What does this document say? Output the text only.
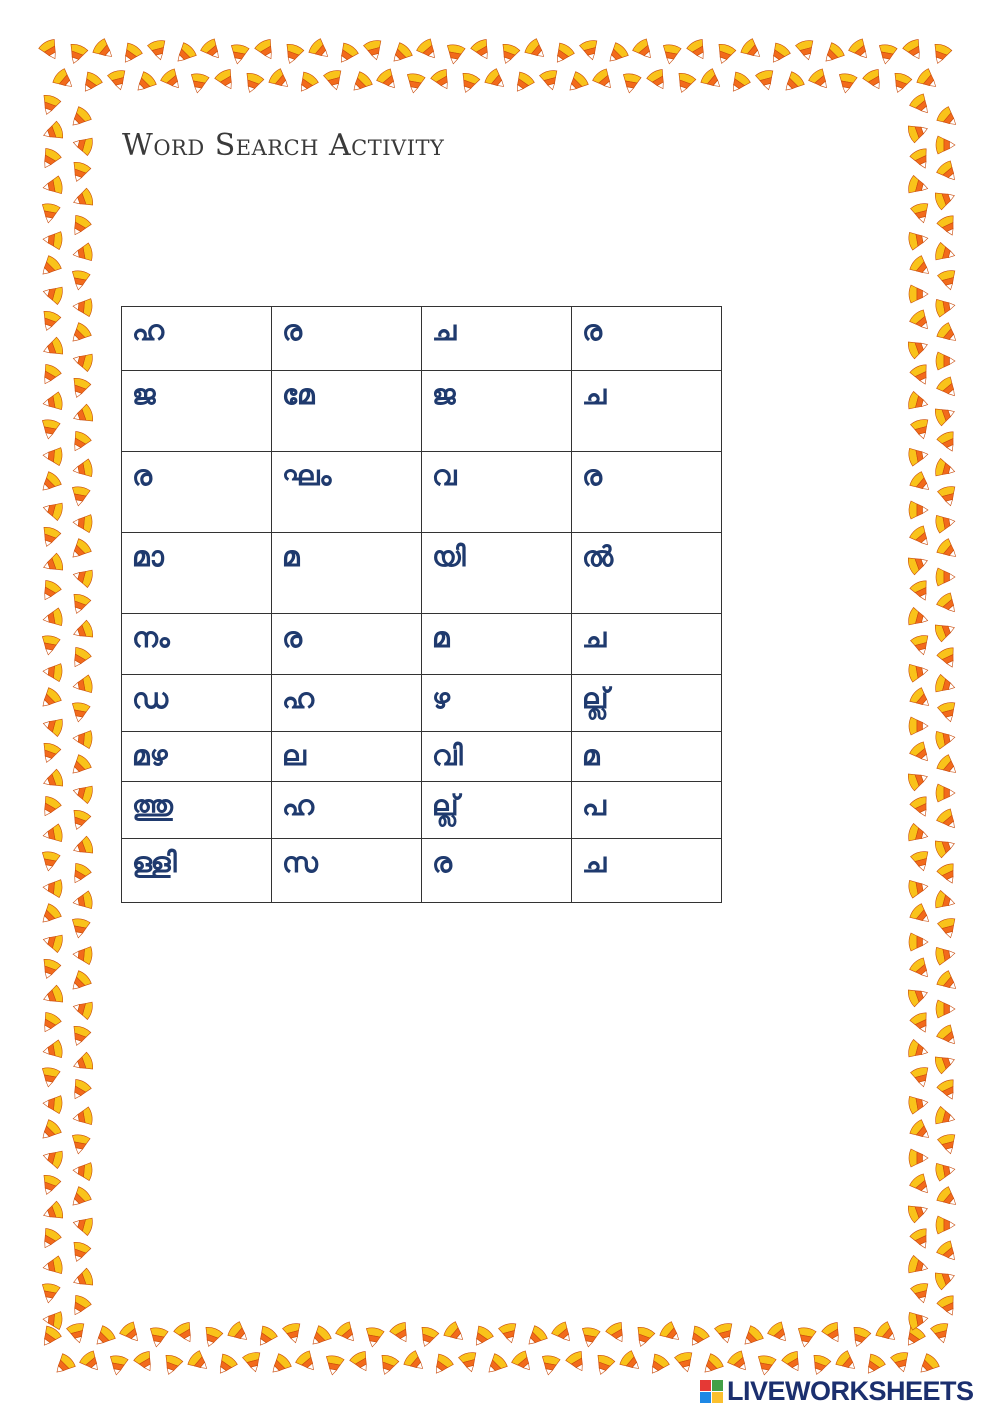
Word Search Activity
ഹ	ര	ച	ര
ജ	മേ	ജ	ച
ര	ഘം	വ	ര
മാ	മ	യി	ൽ
നം	ര	മ	ച
ഡ	ഹ	ഴ	ല്ല്
മഴ	ല	വി	മ
ത്തു	ഹ	ല്ല്	പ
ള്ളി	സ	ര	ച
LIVEWORKSHEETS
